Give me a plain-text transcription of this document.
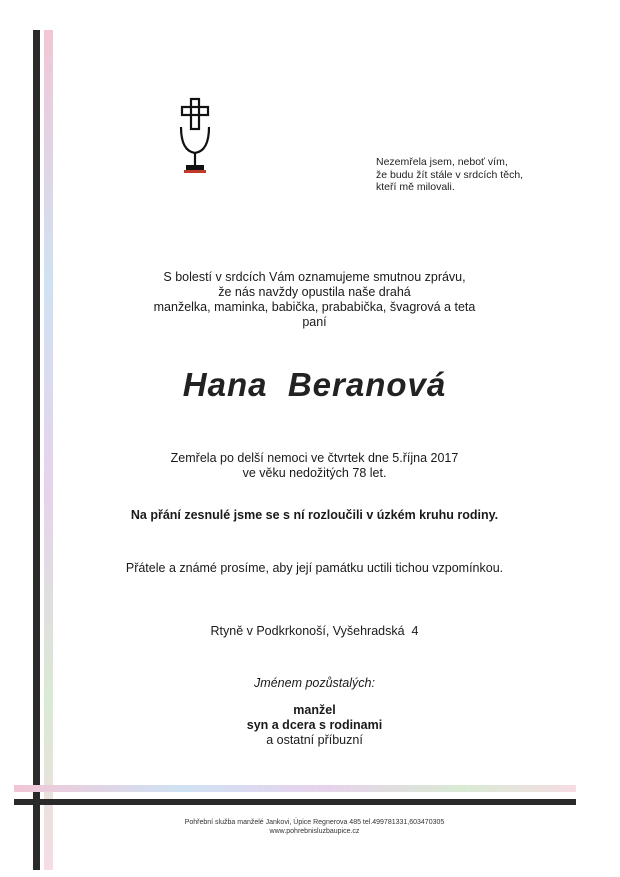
Nezemřela jsem, neboť vím,
že budu žít stále v srdcích těch,
kteří mě milovali.
S bolestí v srdcích Vám oznamujeme smutnou zprávu,
že nás navždy opustila naše drahá
manželka, maminka, babička, prababička, švagrová a teta
paní
Hana  Beranová
Zemřela po delší nemoci ve čtvrtek dne 5.října 2017
ve věku nedožitých 78 let.
Na přání zesnulé jsme se s ní rozloučili v úzkém kruhu rodiny.
Přátele a známé prosíme, aby její památku uctili tichou vzpomínkou.
Rtyně v Podkrkonoší, Vyšehradská  4
Jménem pozůstalých:
manžel
syn a dcera s rodinami
a ostatní příbuzní
Pohřební služba manželé Jankovi, Úpice Regnerova 485 tel.499781331,603470305
www.pohrebnisluzbaupice.cz
